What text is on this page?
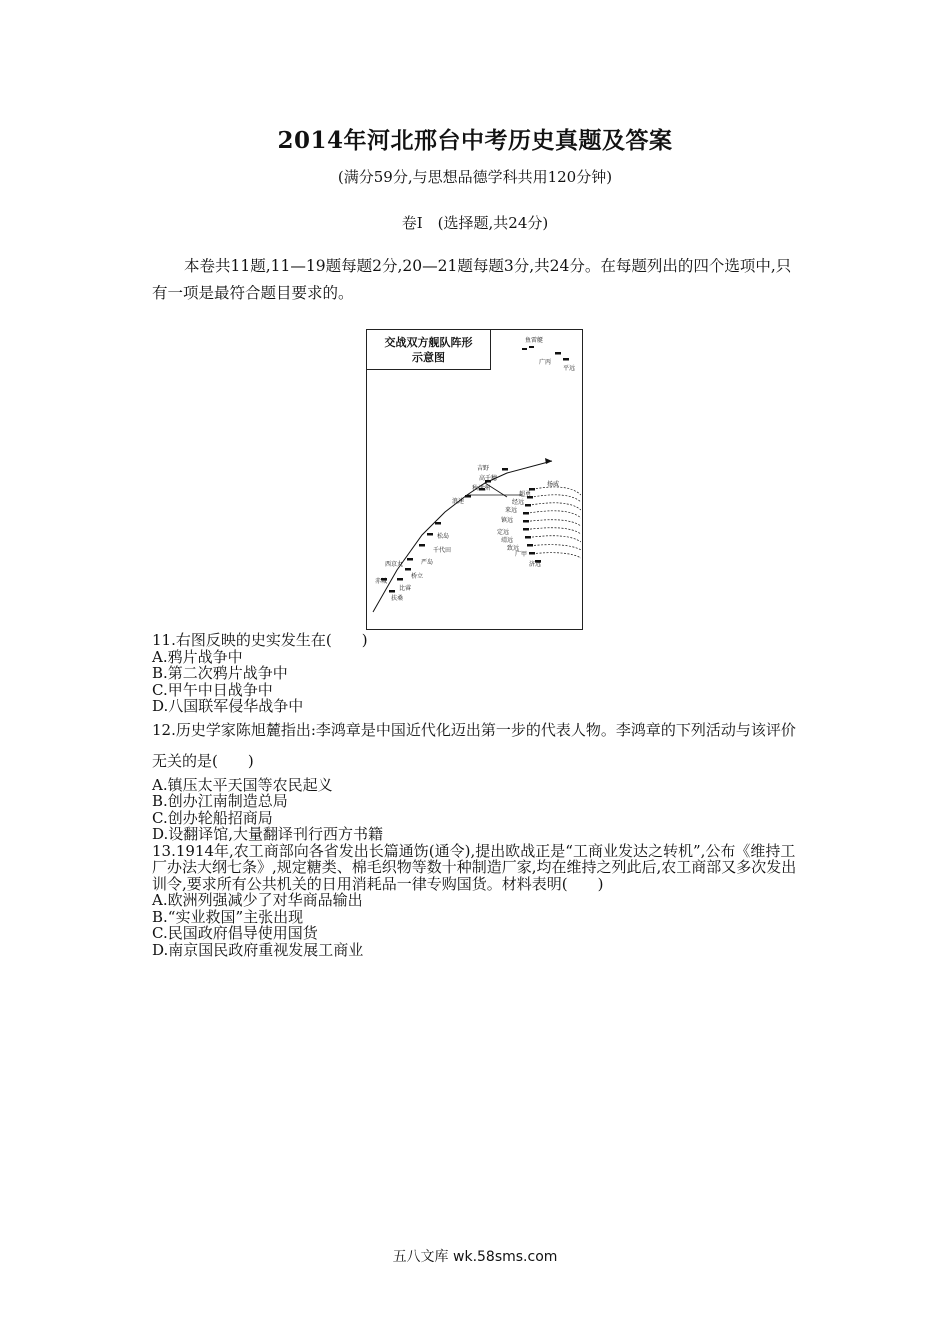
2014年河北邢台中考历史真题及答案
(满分59分,与思想品德学科共用120分钟)
卷Ⅰ　(选择题,共24分)
本卷共11题,11—19题每题2分,20—21题每题3分,共24分。在每题列出的四个选项中,只有一项是最符合题目要求的。
吉野
高千穗
秋津洲
浪速
松岛
千代田
严岛
桥立
扶桑
比睿
赤城
西京丸
扬威
超勇
经远
来远
镇远
定远
靖远
致远
广甲
济远
鱼雷艇
广丙
平远
交战双方舰队阵形
示意图

11.右图反映的史实发生在(　　)

A.鸦片战争中

B.第二次鸦片战争中

C.甲午中日战争中

D.八国联军侵华战争中

12.历史学家陈旭麓指出:李鸿章是中国近代化迈出第一步的代表人物。李鸿章的下列活动与该评价无关的是(　　)

A.镇压太平天国等农民起义

B.创办江南制造总局

C.创办轮船招商局

D.设翻译馆,大量翻译刊行西方书籍

13.1914年,农工商部向各省发出长篇通饬(通令),提出欧战正是“工商业发达之转机”,公布《维持工厂办法大纲七条》,规定糖类、棉毛织物等数十种制造厂家,均在维持之列此后,农工商部又多次发出训令,要求所有公共机关的日用消耗品一律专购国货。材料表明(　　)

A.欧洲列强减少了对华商品输出

B.“实业救国”主张出现

C.民国政府倡导使用国货

D.南京国民政府重视发展工商业

五八文库 wk.58sms.com
